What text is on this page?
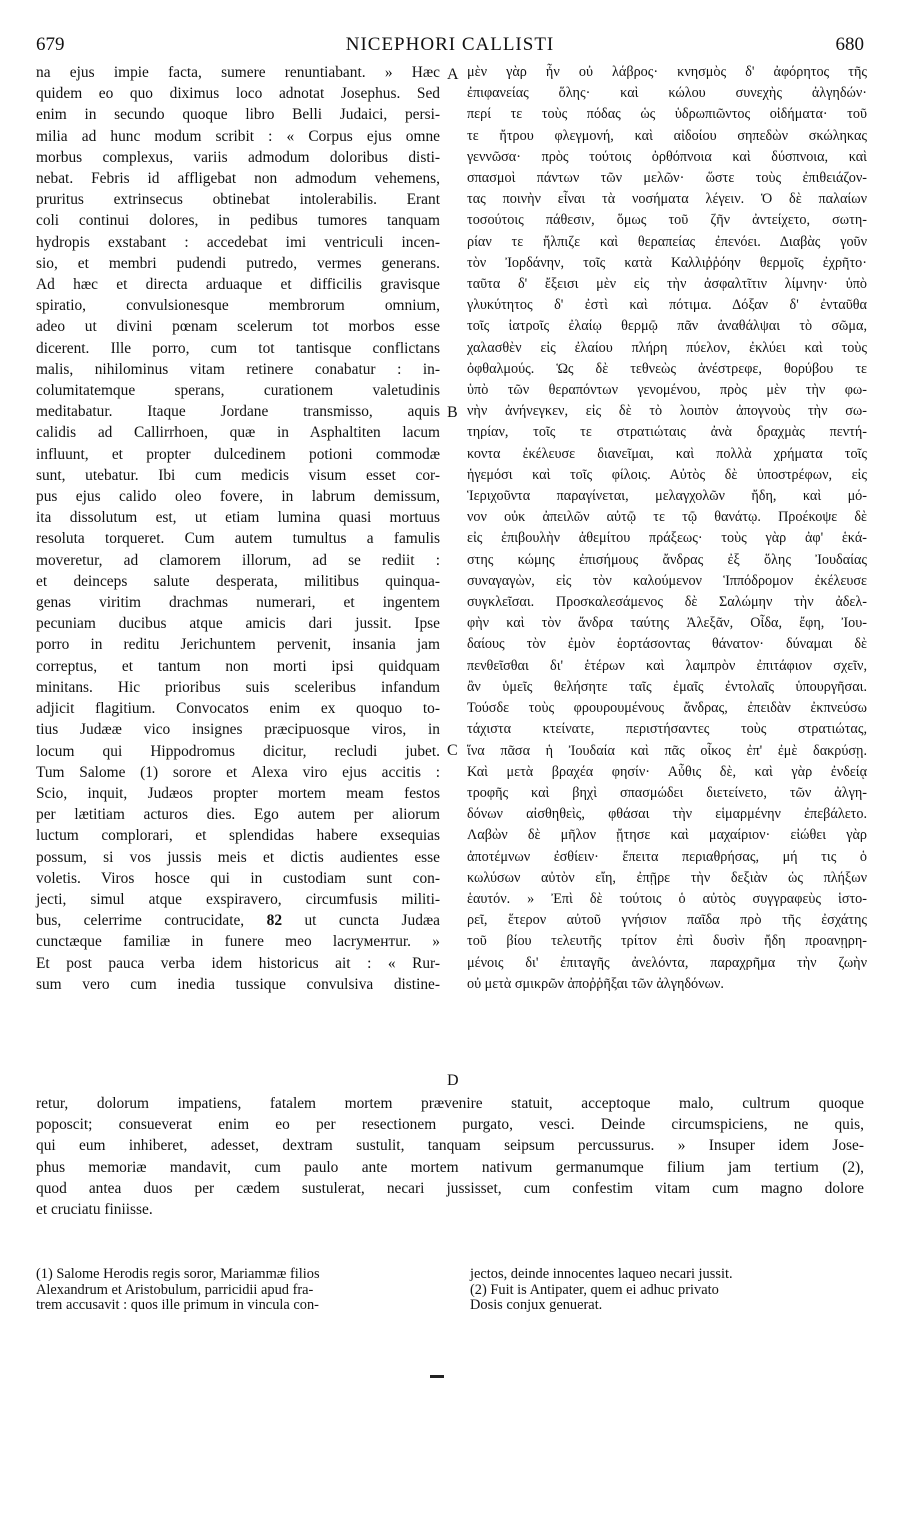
679	NICEPHORI CALLISTI	680
na ejus impie facta, sumere renuntiabant. » Hæc
quidem eo quo diximus loco adnotat Josephus. Sed
enim in secundo quoque libro Belli Judaici, persi-
milia ad hunc modum scribit : « Corpus ejus omne
morbus complexus, variis admodum doloribus disti-
nebat. Febris id affligebat non admodum vehemens,
pruritus extrinsecus obtinebat intolerabilis. Erant
coli continui dolores, in pedibus tumores tanquam
hydropis exstabant : accedebat imi ventriculi incen-
sio, et membri pudendi putredo, vermes generans.
Ad hæc et directa arduaque et difficilis gravisque
spiratio, convulsionesque membrorum omnium,
adeo ut divini pœnam scelerum tot morbos esse
dicerent. Ille porro, cum tot tantisque conflictans
malis, nihilominus vitam retinere conabatur : in-
columitatemque sperans, curationem valetudinis
meditabatur. Itaque Jordane transmisso, aquis
calidis ad Callirrhoen, quæ in Asphaltiten lacum
influunt, et propter dulcedinem potioni commodæ
sunt, utebatur. Ibi cum medicis visum esset cor-
pus ejus calido oleo fovere, in labrum demissum,
ita dissolutum est, ut etiam lumina quasi mortuus
resoluta torqueret. Cum autem tumultus a famulis
moveretur, ad clamorem illorum, ad se rediit :
et deinceps salute desperata, militibus quinqua-
genas viritim drachmas numerari, et ingentem
pecuniam ducibus atque amicis dari jussit. Ipse
porro in reditu Jerichuntem pervenit, insania jam
correptus, et tantum non morti ipsi quidquam
minitans. Hic prioribus suis sceleribus infandum
adjicit flagitium. Convocatos enim ex quoquo to-
tius Judææ vico insignes præcipuosque viros, in
locum qui Hippodromus dicitur, recludi jubet.
Tum Salome (1) sorore et Alexa viro ejus accitis :
Scio, inquit, Judæos propter mortem meam festos
per lætitiam acturos dies. Ego autem per aliorum
luctum complorari, et splendidas habere exsequias
possum, si vos jussis meis et dictis audientes esse
voletis. Viros hosce qui in custodiam sunt con-
jecti, simul atque exspiravero, circumfusis militi-
bus, celerrime contrucidate, 82 ut cuncta Judæa
cunctæque familiæ in funere meo lacryментur. »
Et post pauca verba idem historicus ait : « Rur-
sum vero cum inedia tussique convulsiva distine-
μὲν γὰρ ἦν οὐ λάβρος· κνησμὸς δ' ἀφόρητος τῆς
ἐπιφανείας ὅλης· καὶ κώλου συνεχὴς ἀλγηδών·
περί τε τοὺς πόδας ὡς ὑδρωπιῶντος οἰδήματα· τοῦ
τε ἤτρου φλεγμονή, καὶ αἰδοίου σηπεδὼν σκώληκας
γεννῶσα· πρὸς τούτοις ὀρθόπνοια καὶ δύσπνοια, καὶ
σπασμοὶ πάντων τῶν μελῶν· ὥστε τοὺς ἐπιθειάζον-
τας ποινὴν εἶναι τὰ νοσήματα λέγειν. Ὁ δὲ παλαίων
τοσούτοις πάθεσιν, ὅμως τοῦ ζῆν ἀντείχετο, σωτη-
ρίαν τε ἤλπιζε καὶ θεραπείας ἐπενόει. Διαβὰς γοῦν
τὸν Ἰορδάνην, τοῖς κατὰ Καλλιῤῥόην θερμοῖς ἐχρῆτο·
ταῦτα δ' ἔξεισι μὲν εἰς τὴν ἀσφαλτῖτιν λίμνην· ὑπὸ
γλυκύτητος δ' ἐστὶ καὶ πότιμα. Δόξαν δ' ἐνταῦθα
τοῖς ἰατροῖς ἐλαίῳ θερμῷ πᾶν ἀναθάλψαι τὸ σῶμα,
χαλασθὲν εἰς ἐλαίου πλήρη πύελον, ἐκλύει καὶ τοὺς
ὀφθαλμούς. Ὡς δὲ τεθνεὼς ἀνέστρεφε, θορύβου τε
ὑπὸ τῶν θεραπόντων γενομένου, πρὸς μὲν τὴν φω-
νὴν ἀνήνεγκεν, εἰς δὲ τὸ λοιπὸν ἀπογνοὺς τὴν σω-
τηρίαν, τοῖς τε στρατιώταις ἀνὰ δραχμὰς πεντή-
κοντα ἐκέλευσε διανεῖμαι, καὶ πολλὰ χρήματα τοῖς
ἡγεμόσι καὶ τοῖς φίλοις. Αὐτὸς δὲ ὑποστρέφων, εἰς
Ἱεριχοῦντα παραγίνεται, μελαγχολῶν ἤδη, καὶ μό-
νον οὐκ ἀπειλῶν αὐτῷ τε τῷ θανάτῳ. Προέκοψε δὲ
εἰς ἐπιβουλὴν ἀθεμίτου πράξεως· τοὺς γὰρ ἀφ' ἑκά-
στης κώμης ἐπισήμους ἄνδρας ἐξ ὅλης Ἰουδαίας
συναγαγὼν, εἰς τὸν καλούμενον Ἱππόδρομον ἐκέλευσε
συγκλεῖσαι. Προσκαλεσάμενος δὲ Σαλώμην τὴν ἀδελ-
φὴν καὶ τὸν ἄνδρα ταύτης Ἀλεξᾶν, Οἶδα, ἔφη, Ἰου-
δαίους τὸν ἐμὸν ἑορτάσοντας θάνατον· δύναμαι δὲ
πενθεῖσθαι δι' ἑτέρων καὶ λαμπρὸν ἐπιτάφιον σχεῖν,
ἂν ὑμεῖς θελήσητε ταῖς ἐμαῖς ἐντολαῖς ὑπουργῆσαι.
Τούσδε τοὺς φρουρουμένους ἄνδρας, ἐπειδὰν ἐκπνεύσω
τάχιστα κτείνατε, περιστήσαντες τοὺς στρατιώτας,
ἵνα πᾶσα ἡ Ἰουδαία καὶ πᾶς οἶκος ἐπ' ἐμὲ δακρύσῃ.
Καὶ μετὰ βραχέα φησίν· Αὖθις δὲ, καὶ γὰρ ἐνδείᾳ
τροφῆς καὶ βηχὶ σπασμώδει διετείνετο, τῶν ἀλγη-
δόνων αἰσθηθεὶς, φθάσαι τὴν εἱμαρμένην ἐπεβάλετο.
Λαβὼν δὲ μῆλον ᾔτησε καὶ μαχαίριον· εἰώθει γὰρ
ἀποτέμνων ἐσθίειν· ἔπειτα περιαθρήσας, μή τις ὁ
κωλύσων αὐτὸν εἴη, ἐπῇρε τὴν δεξιὰν ὡς πλήξων
ἑαυτόν. » Ἐπὶ δὲ τούτοις ὁ αὐτὸς συγγραφεὺς ἱστο-
ρεῖ, ἕτερον αὐτοῦ γνήσιον παῖδα πρὸ τῆς ἐσχάτης
τοῦ βίου τελευτῆς τρίτον ἐπὶ δυσὶν ἤδη προανῃρη-
μένοις δι' ἐπιταγῆς ἀνελόντα, παραχρῆμα τὴν ζωὴν
οὐ μετὰ σμικρῶν ἀποῤῥῆξαι τῶν ἀλγηδόνων.
A
B
C
D
retur, dolorum impatiens, fatalem mortem prævenire statuit, acceptoque malo, cultrum quoque
poposcit; consueverat enim eo per resectionem purgato, vesci. Deinde circumspiciens, ne quis,
qui eum inhiberet, adesset, dextram sustulit, tanquam seipsum percussurus. » Insuper idem Jose-
phus memoriæ mandavit, cum paulo ante mortem nativum germanumque filium jam tertium (2),
quod antea duos per cædem sustulerat, necari jussisset, cum confestim vitam cum magno dolore
et cruciatu finiisse.
(1) Salome Herodis regis soror, Mariammæ filios
Alexandrum et Aristobulum, parricidii apud fra-
trem accusavit : quos ille primum in vincula con-
jectos, deinde innocentes laqueo necari jussit.
(2) Fuit is Antipater, quem ei adhuc privato
Dosis conjux genuerat.
